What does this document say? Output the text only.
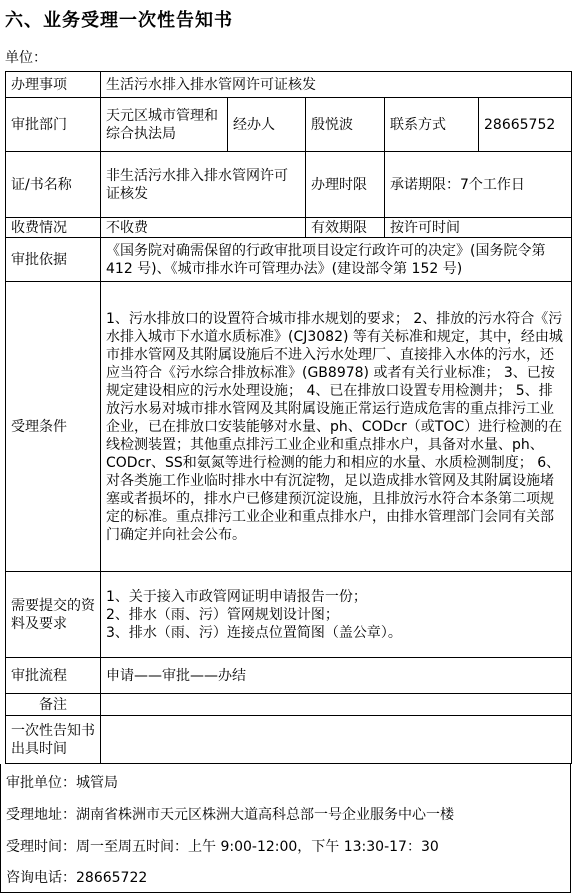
六、业务受理一次性告知书
单位：
办理事项	生活污水排入排水管网许可证核发				
审批部门	天元区城市管理和综合执法局	经办人	殷悦波	联系方式	28665752
证/书名称	非生活污水排入排水管网许可证核发		办理时限	承诺期限：7个工作日	
收费情况	不收费		有效期限	按许可时间	
审批依据	《国务院对确需保留的行政审批项目设定行政许可的决定》(国务院令第 412 号)、《城市排水许可管理办法》(建设部令第 152 号)				
受理条件	1、污水排放口的设置符合城市排水规划的要求； 2、排放的污水符合《污水排入城市下水道水质标准》(CJ3082) 等有关标准和规定，其中，经由城市排水管网及其附属设施后不进入污水处理厂、直接排入水体的污水，还应当符合《污水综合排放标准》(GB8978) 或者有关行业标准； 3、已按规定建设相应的污水处理设施； 4、已在排放口设置专用检测井； 5、排放污水易对城市排水管网及其附属设施正常运行造成危害的重点排污工业企业，已在排放口安装能够对水量、ph、CODcr（或TOC）进行检测的在线检测装置；其他重点排污工业企业和重点排水户，具备对水量、ph、CODcr、SS和氨氮等进行检测的能力和相应的水量、水质检测制度； 6、对各类施工作业临时排水中有沉淀物，足以造成排水管网及其附属设施堵塞或者损坏的，排水户已修建预沉淀设施，且排放污水符合本条第二项规定的标准。重点排污工业企业和重点排水户，由排水管理部门会同有关部门确定并向社会公布。				
需要提交的资料及要求	1、关于接入市政管网证明申请报告一份；
2、排水（雨、污）管网规划设计图；
3、排水（雨、污）连接点位置简图（盖公章）。				

审批流程	申请——审批——办结				
备注					
一次性告知书出具时间					
审批单位：城管局
受理地址：湖南省株洲市天元区株洲大道高科总部一号企业服务中心一楼
受理时间：周一至周五时间：上午 9:00-12:00，下午 13:30-17：30
咨询电话：28665722
